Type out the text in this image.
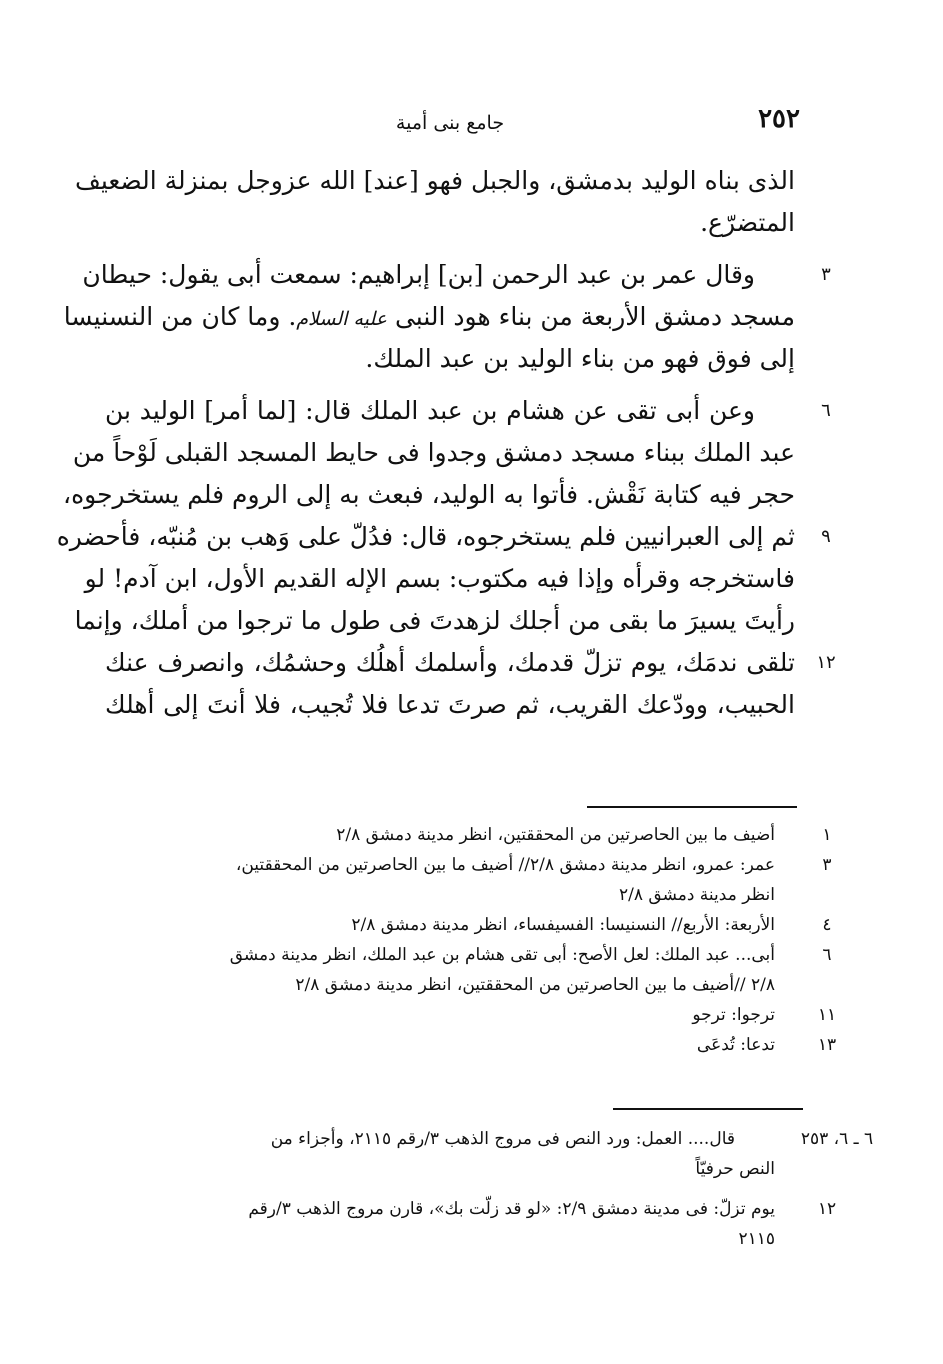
٢٥٢
جامع بنى أمية
الذى بناه الوليد بدمشق، والجبل فهو [عند] الله عزوجل بمنزلة الضعيف
المتضرّع.
٣
وقال عمر بن عبد الرحمن [بن] إبراهيم: سمعت أبى يقول: حيطان
مسجد دمشق الأربعة من بناء هود النبى عليه السلام. وما كان من النسنيسا
إلى فوق فهو من بناء الوليد بن عبد الملك.
٦
٩
١٢
وعن أبى تقى عن هشام بن عبد الملك قال: [لما أمر] الوليد بن
عبد الملك ببناء مسجد دمشق وجدوا فى حايط المسجد القبلى لَوْحاً من
حجر فيه كتابة نَقْش. فأتوا به الوليد، فبعث به إلى الروم فلم يستخرجوه،
ثم إلى العبرانيين فلم يستخرجوه، قال: فدُلّ على وَهب بن مُنبّه، فأحضره
فاستخرجه وقرأه وإذا فيه مكتوب: بسم الإله القديم الأول، ابن آدم! لو
رأيتَ يسيرَ ما بقى من أجلك لزهدتَ فى طول ما ترجوا من أملك، وإنما
تلقى ندمَك، يوم تزلّ قدمك، وأسلمك أهلُك وحشمُك، وانصرف عنك
الحبيب، وودّعك القريب، ثم صرتَ تدعا فلا تُجيب، فلا أنتَ إلى أهلك
١
أضيف ما بين الحاصرتين من المحققتين، انظر مدينة دمشق ٢/٨
٣
عمر: عمرو، انظر مدينة دمشق ٢/٨// أضيف ما بين الحاصرتين من المحققتين،
انظر مدينة دمشق ٢/٨
٤
الأربعة: الأربع// النسنيسا: الفسيفساء، انظر مدينة دمشق ٢/٨
٦
أبى... عبد الملك: لعل الأصح: أبى تقى هشام بن عبد الملك، انظر مدينة دمشق
٢/٨ //أضيف ما بين الحاصرتين من المحققتين، انظر مدينة دمشق ٢/٨
١١
ترجوا: ترجو
١٣
تدعا: تُدعَى
٦ ـ ٦، ٢٥٣
قال.... العمل: ورد النص فى مروج الذهب ٣/رقم ٢١١٥، وأجزاء من
النص حرفيّاً
١٢
يوم تزلّ: فى مدينة دمشق ٢/٩: «لو قد زلّت بك»، قارن مروج الذهب ٣/رقم
٢١١٥
